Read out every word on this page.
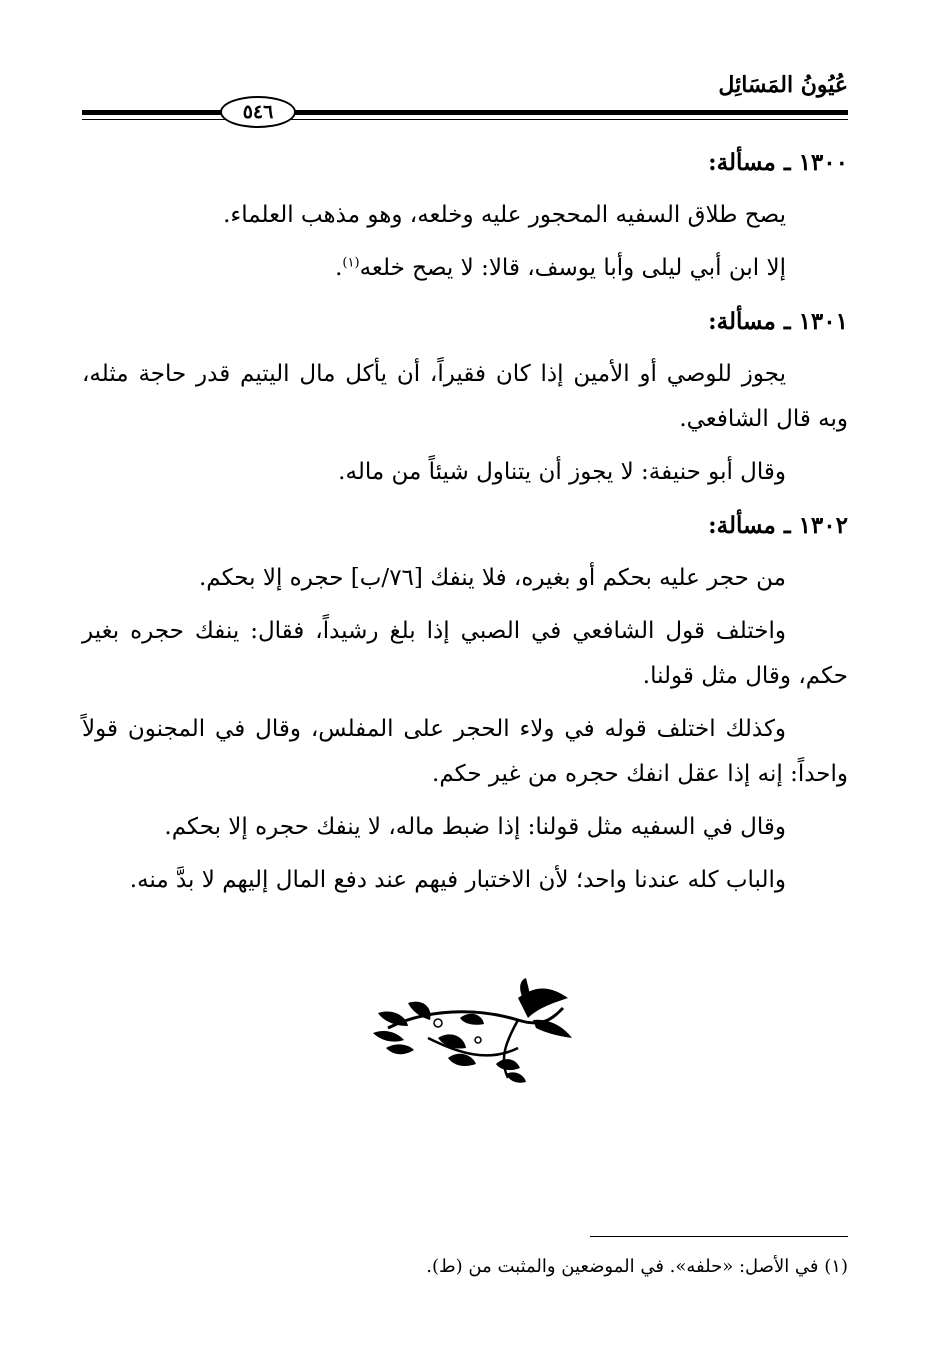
عُيُونُ المَسَائِل
٥٤٦
١٣٠٠ ـ مسألة:

يصح طلاق السفيه المحجور عليه وخلعه، وهو مذهب العلماء.

إلا ابن أبي ليلى وأبا يوسف، قالا: لا يصح خلعه$^{(١)}$.

١٣٠١ ـ مسألة:

يجوز للوصي أو الأمين إذا كان فقيراً، أن يأكل مال اليتيم قدر حاجة مثله، وبه قال الشافعي.

وقال أبو حنيفة: لا يجوز أن يتناول شيئاً من ماله.

١٣٠٢ ـ مسألة:

من حجر عليه بحكم أو بغيره، فلا ينفك [٧٦/ب] حجره إلا بحكم.

واختلف قول الشافعي في الصبي إذا بلغ رشيداً، فقال: ينفك حجره بغير حكم، وقال مثل قولنا.

وكذلك اختلف قوله في ولاء الحجر على المفلس، وقال في المجنون قولاً واحداً: إنه إذا عقل انفك حجره من غير حكم.

وقال في السفيه مثل قولنا: إذا ضبط ماله، لا ينفك حجره إلا بحكم.

والباب كله عندنا واحد؛ لأن الاختبار فيهم عند دفع المال إليهم لا بدَّ منه.

(١) في الأصل: «حلفه». في الموضعين والمثبت من (ط).
